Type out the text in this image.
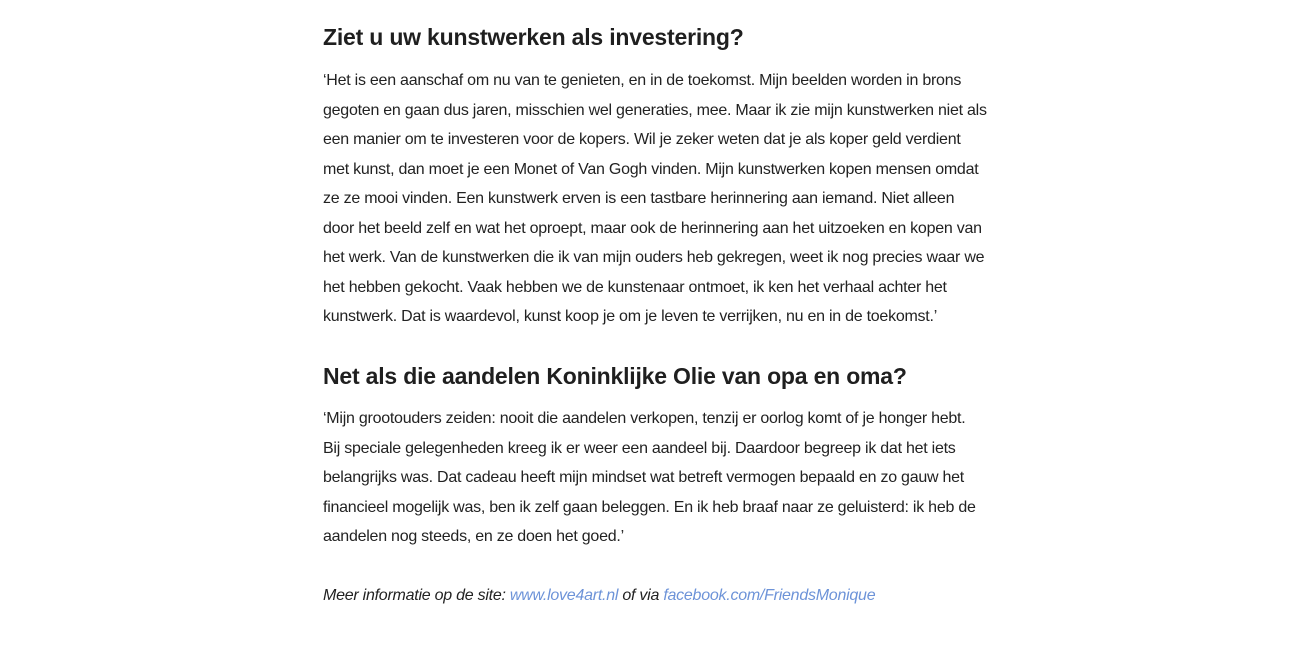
Ziet u uw kunstwerken als investering?

‘Het is een aanschaf om nu van te genieten, en in de toekomst. Mijn beelden worden in brons
gegoten en gaan dus jaren, misschien wel generaties, mee. Maar ik zie mijn kunstwerken niet als
een manier om te investeren voor de kopers. Wil je zeker weten dat je als koper geld verdient
met kunst, dan moet je een Monet of Van Gogh vinden. Mijn kunstwerken kopen mensen omdat
ze ze mooi vinden. Een kunstwerk erven is een tastbare herinnering aan iemand. Niet alleen
door het beeld zelf en wat het oproept, maar ook de herinnering aan het uitzoeken en kopen van
het werk. Van de kunstwerken die ik van mijn ouders heb gekregen, weet ik nog precies waar we
het hebben gekocht. Vaak hebben we de kunstenaar ontmoet, ik ken het verhaal achter het
kunstwerk. Dat is waardevol, kunst koop je om je leven te verrijken, nu en in de toekomst.’

Net als die aandelen Koninklijke Olie van opa en oma?

‘Mijn grootouders zeiden: nooit die aandelen verkopen, tenzij er oorlog komt of je honger hebt.
Bij speciale gelegenheden kreeg ik er weer een aandeel bij. Daardoor begreep ik dat het iets
belangrijks was. Dat cadeau heeft mijn mindset wat betreft vermogen bepaald en zo gauw het
financieel mogelijk was, ben ik zelf gaan beleggen. En ik heb braaf naar ze geluisterd: ik heb de
aandelen nog steeds, en ze doen het goed.’

Meer informatie op de site: www.love4art.nl of via facebook.com/FriendsMonique
